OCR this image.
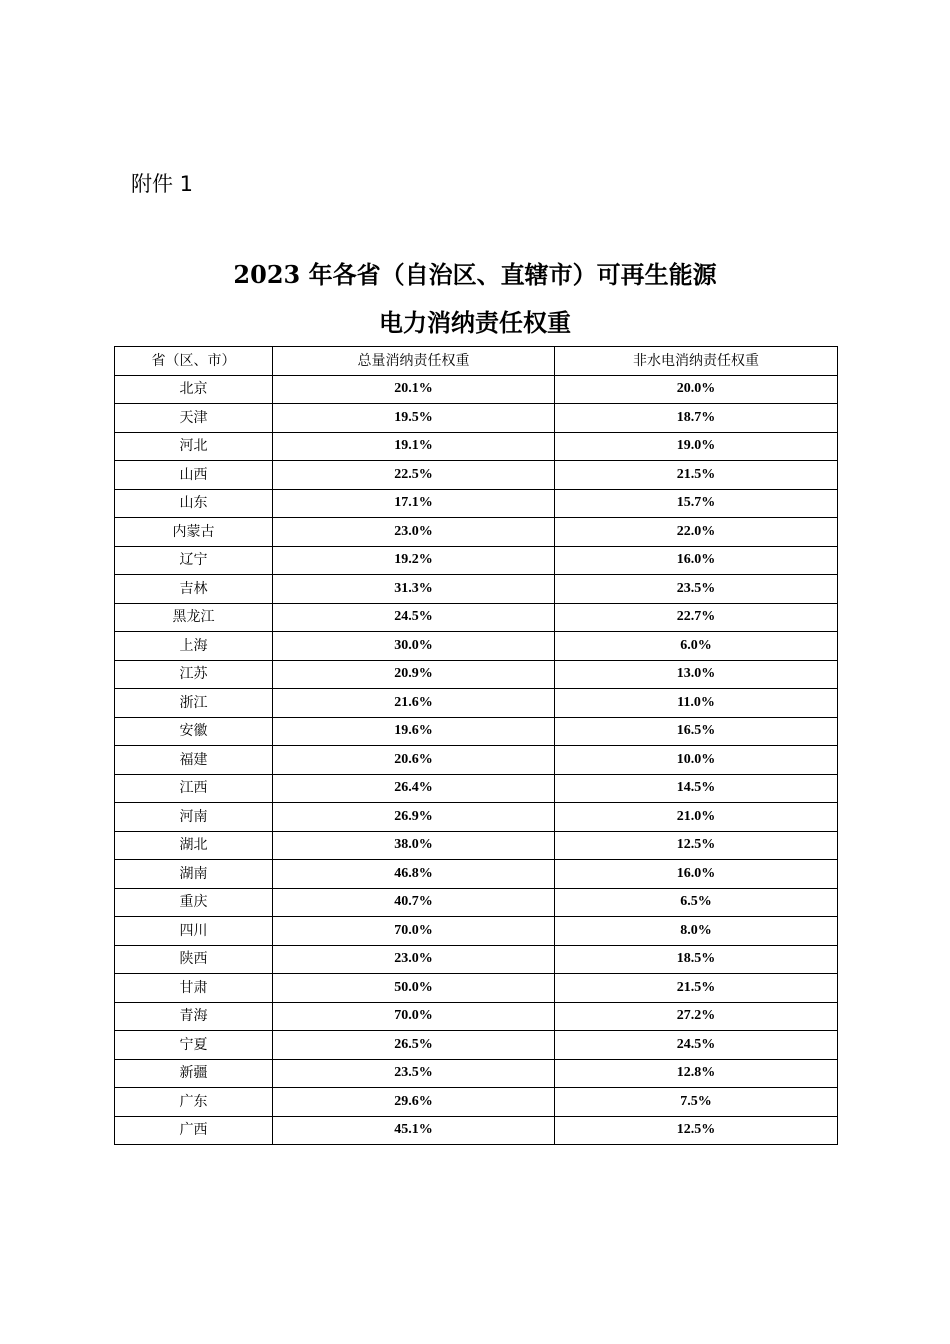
附件 1
2023 年各省（自治区、直辖市）可再生能源
电力消纳责任权重
省（区、市）	总量消纳责任权重	非水电消纳责任权重
北京	20.1%	20.0%
天津	19.5%	18.7%
河北	19.1%	19.0%
山西	22.5%	21.5%
山东	17.1%	15.7%
内蒙古	23.0%	22.0%
辽宁	19.2%	16.0%
吉林	31.3%	23.5%
黑龙江	24.5%	22.7%
上海	30.0%	6.0%
江苏	20.9%	13.0%
浙江	21.6%	11.0%
安徽	19.6%	16.5%
福建	20.6%	10.0%
江西	26.4%	14.5%
河南	26.9%	21.0%
湖北	38.0%	12.5%
湖南	46.8%	16.0%
重庆	40.7%	6.5%
四川	70.0%	8.0%
陕西	23.0%	18.5%
甘肃	50.0%	21.5%
青海	70.0%	27.2%
宁夏	26.5%	24.5%
新疆	23.5%	12.8%
广东	29.6%	7.5%
广西	45.1%	12.5%
